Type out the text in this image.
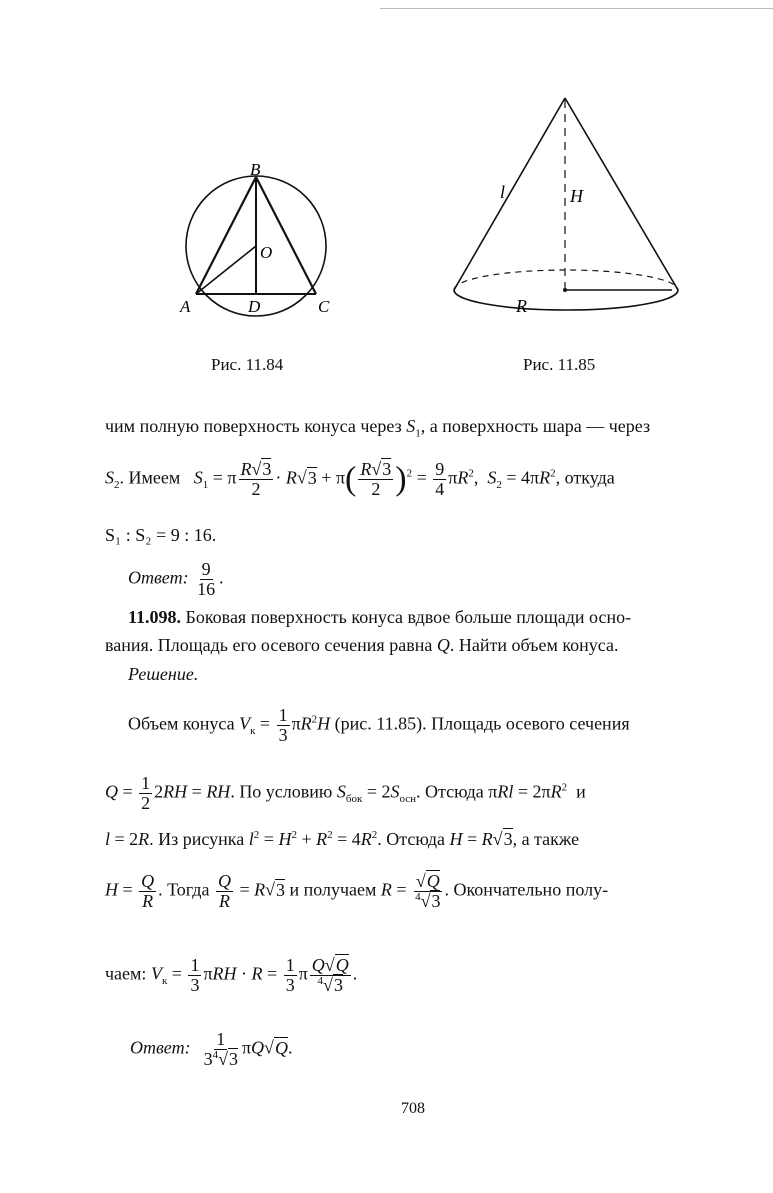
B
O
A	D	C
Рис. 11.84
l	H
R
Рис. 11.85
чим полную поверхность конуса через $S_1$, а поверхность шара — через
$S_2$. Имеем $S_1 = \pi \frac{R√3}{2} \cdot R√3 + \pi( \frac{R√3}{2} )^2 = \frac{9}{4} \pi R^2$,  $S_2 = 4\pi R^2$, откуда
S₁ : S₂ = 9 : 16.
Ответ: $\frac{9}{16}$ .
11.098. Боковая поверхность конуса вдвое больше площади осно-
вания. Площадь его осевого сечения равна Q. Найти объем конуса.
Решение.
Объем конуса $V_к = \frac{1}{3} \pi R^2H$ (рис. 11.85). Площадь осевого сечения
$Q = \frac{1}{2} 2RH$ = RH. По условию $S_{бок} = 2S_{осн}$. Отсюда $\pi Rl = 2\pi R^2$ и
l = 2R. Из рисунка $l^2 = H^2 + R^2 = 4R^2$. Отсюда H = R√3, а также
$H = \frac{Q}{R}$ . Тогда $\frac{Q}{R} = R√3$ и получаем $R = \frac{√Q}{^4√3}$ . Окончательно полу-
чаем: $V_к = \frac{1}{3}$ $\pi RH \cdot R = \frac{1}{3}$ π $\frac{Q√Q}{^4√3}$ .
Ответ: $\frac{1}{3^4√3} \pi Q√Q$.
708
